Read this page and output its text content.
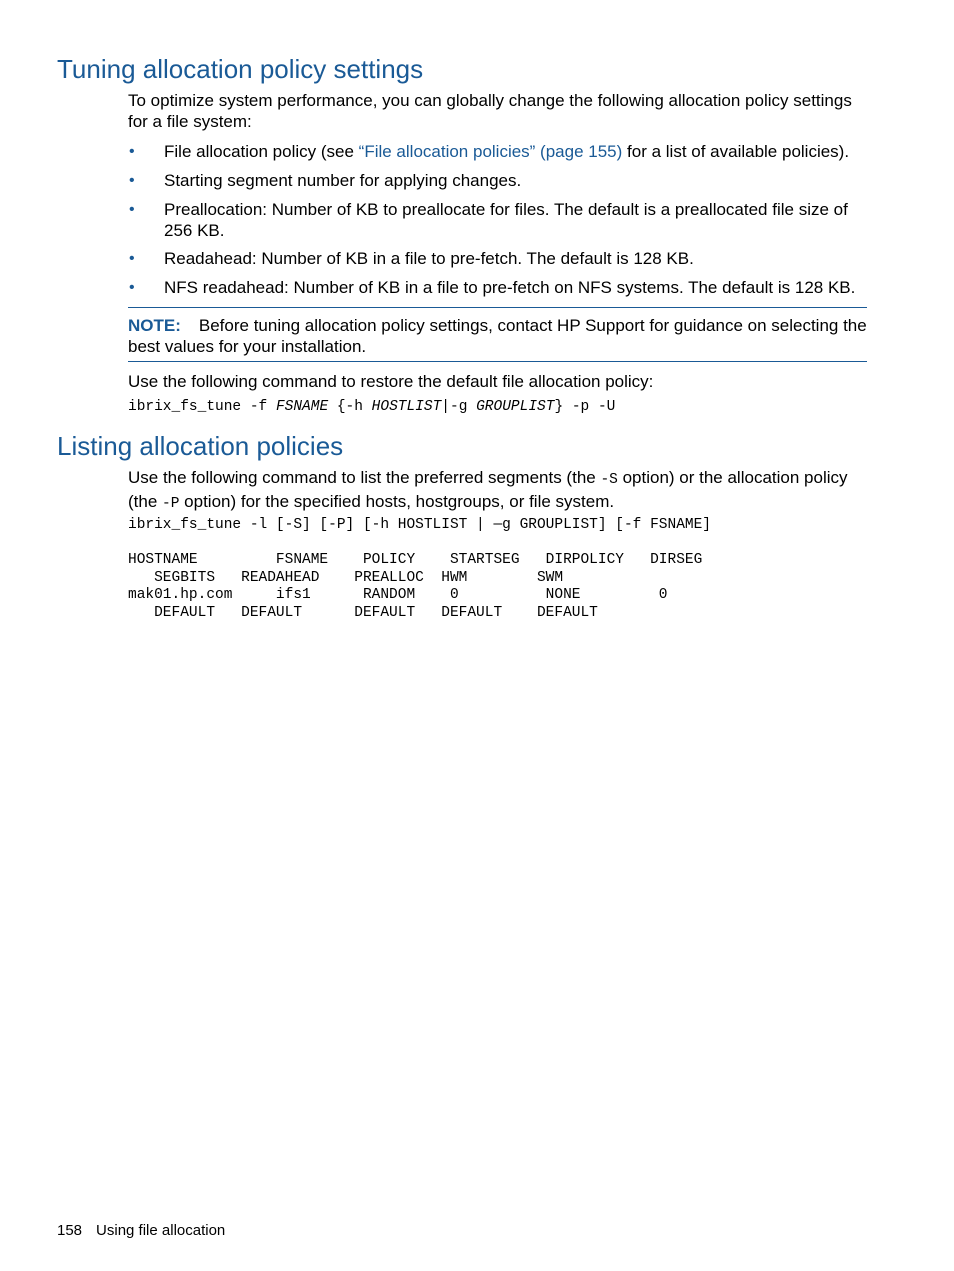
Tuning allocation policy settings

To optimize system performance, you can globally change the following allocation policy settings for a file system:

• File allocation policy (see “File allocation policies” (page 155) for a list of available policies).
• Starting segment number for applying changes.
• Preallocation: Number of KB to preallocate for files. The default is a preallocated file size of 256 KB.
• Readahead: Number of KB in a file to pre-fetch. The default is 128 KB.
• NFS readahead: Number of KB in a file to pre-fetch on NFS systems. The default is 128 KB.
NOTE: Before tuning allocation policy settings, contact HP Support for guidance on selecting the best values for your installation.

Use the following command to restore the default file allocation policy:

ibrix_fs_tune -f FSNAME {-h HOSTLIST|-g GROUPLIST} -p -U
Listing allocation policies

Use the following command to list the preferred segments (the -S option) or the allocation policy (the -P option) for the specified hosts, hostgroups, or file system.

ibrix_fs_tune -l [-S] [-P] [-h HOSTLIST | —g GROUPLIST] [-f FSNAME]
HOSTNAME         FSNAME    POLICY    STARTSEG   DIRPOLICY   DIRSEG
SEGBITS   READAHEAD    PREALLOC  HWM        SWM
mak01.hp.com     ifs1      RANDOM    0          NONE         0
DEFAULT   DEFAULT      DEFAULT   DEFAULT    DEFAULT
158 Using file allocation
